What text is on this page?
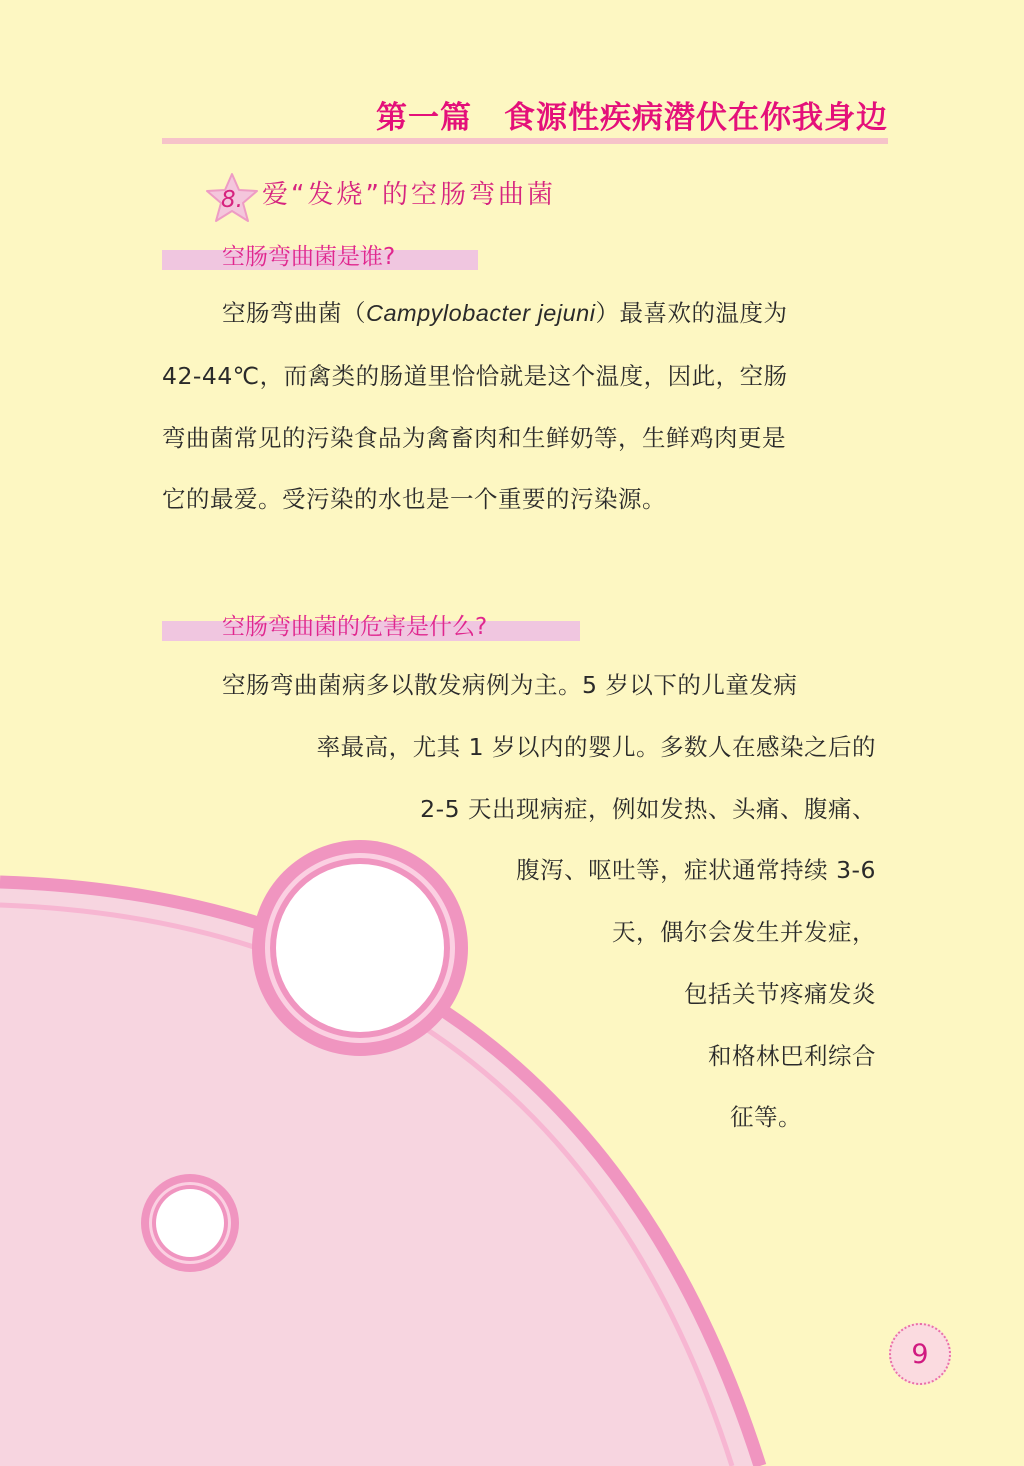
第一篇　食源性疾病潜伏在你我身边
8. 爱“发烧”的空肠弯曲菌
空肠弯曲菌是谁?
空肠弯曲菌（Campylobacter jejuni）最喜欢的温度为
42-44℃，而禽类的肠道里恰恰就是这个温度，因此，空肠
弯曲菌常见的污染食品为禽畜肉和生鲜奶等，生鲜鸡肉更是
它的最爱。受污染的水也是一个重要的污染源。
空肠弯曲菌的危害是什么?
空肠弯曲菌病多以散发病例为主。5 岁以下的儿童发病
率最高，尤其 1 岁以内的婴儿。多数人在感染之后的
2-5 天出现病症，例如发热、头痛、腹痛、
腹泻、呕吐等，症状通常持续 3-6
天，偶尔会发生并发症，
包括关节疼痛发炎
和格林巴利综合
征等。
9
